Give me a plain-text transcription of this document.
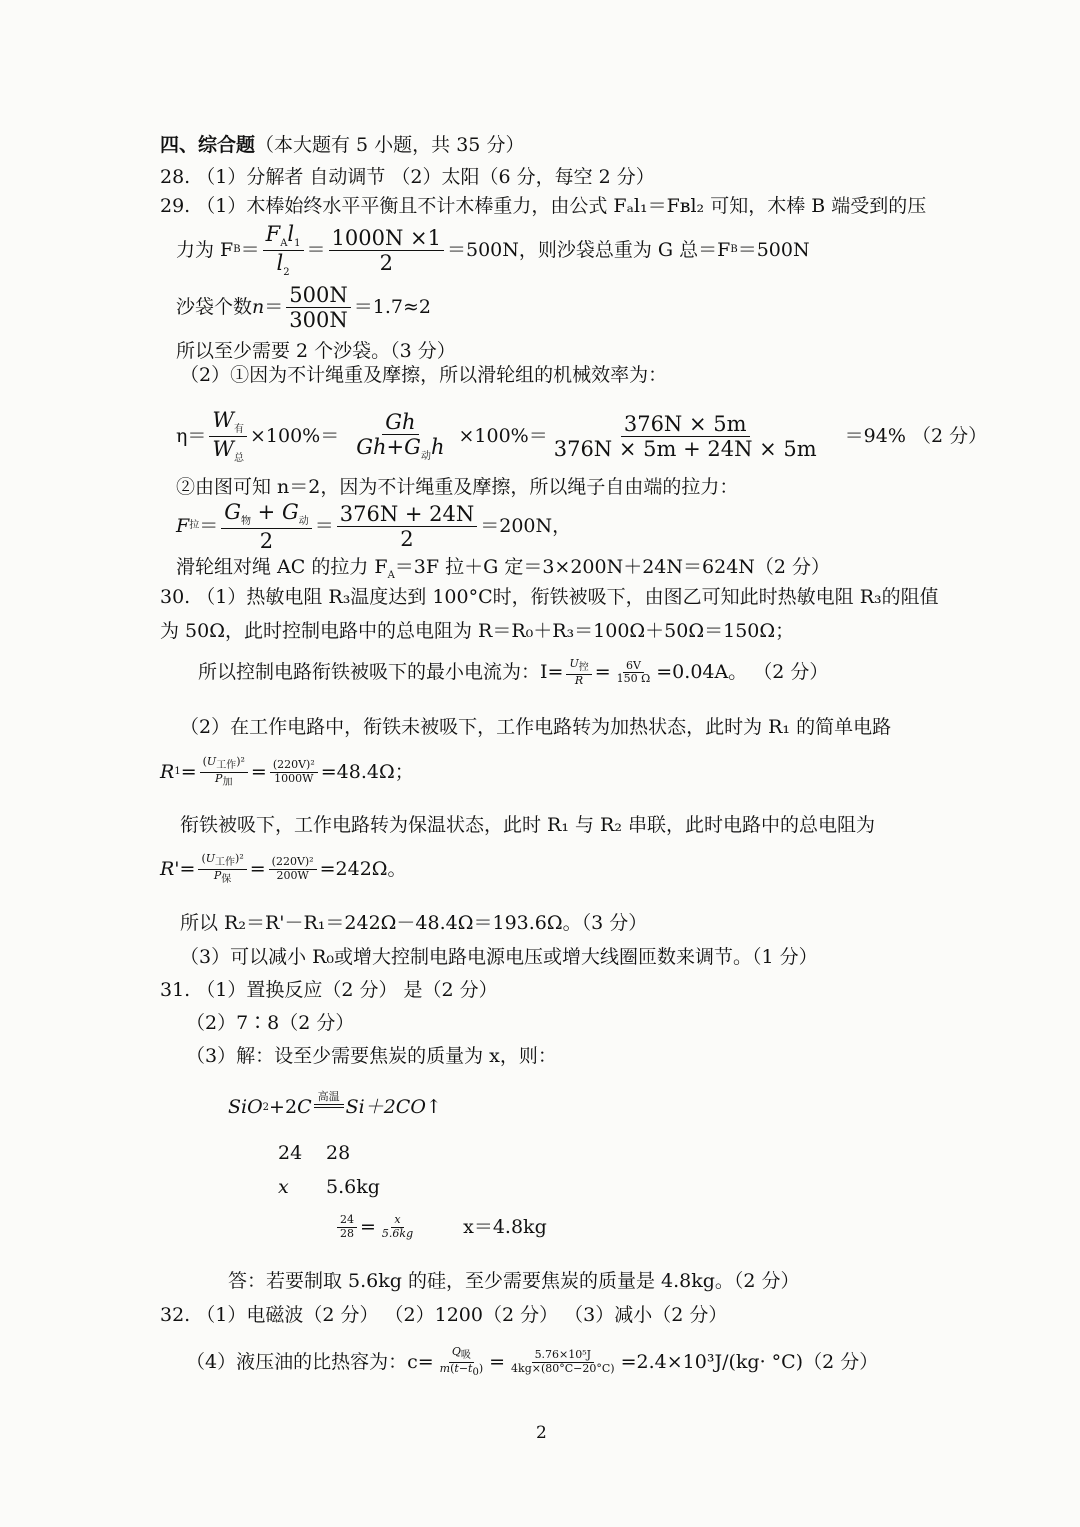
四、综合题（本大题有 5 小题，共 35 分）
28. （1）分解者 自动调节 （2）太阳（6 分，每空 2 分）
29. （1）木棒始终水平平衡且不计木棒重力，由公式 Fₐl₁＝Fʙl₂ 可知，木棒 B 端受到的压
力为 F $B = \frac{F_Al_1}{l_2} = \frac{1000N \times 1}{2} =500N$，则沙袋总重为 G 总＝F B ＝500N
沙袋个数 $n = \frac{500N}{300N} =1.7\approx 2$
所以至少需要 2 个沙袋。（3 分）
（2）①因为不计绳重及摩擦，所以滑轮组的机械效率为：
$\eta= \frac{W_有}{W_总} \times 100\%= \frac{Gh}{Gh+G_动h} \times 100\%= \frac{376N \times 5m}{376N \times 5m + 24N \times 5m} =94\%$ （2 分）
②由图可知 n＝2，因为不计绳重及摩擦，所以绳子自由端的拉力：
F 拉 ＝ $\frac{G_物 + G_动}{2} = \frac{376N + 24N}{2} =200N$，
滑轮组对绳 AC 的拉力 $F_A=3F$ 拉＋G 定＝3×200N＋24N＝624N（2 分）
30. （1）热敏电阻 R₃温度达到 100°C时，衔铁被吸下，由图乙可知此时热敏电阻 R₃的阻值
为 50Ω，此时控制电路中的总电阻为 R＝R₀＋R₃＝100Ω＋50Ω＝150Ω；
所以控制电路衔铁被吸下的最小电流为：$I= \frac{U_控}{R} = \frac{6V}{150 \Omega} =0.04A$。 （2 分）
（2）在工作电路中，衔铁未被吸下，工作电路转为加热状态，此时为 R₁ 的简单电路
R $1 = \frac{(U_{工作})^2}{P_加} = \frac{\text{(220V)²}}{1000W} =48.4\Omega$；
衔铁被吸下，工作电路转为保温状态，此时 R₁ 与 R₂ 串联，此时电路中的总电阻为
$R' = \frac{(U_{工作})^2}{P_保} = \frac{\text{(220V)²}}{200W} =242\Omega$。
所以 R₂＝R'－R₁＝242Ω－48.4Ω＝193.6Ω。（3 分）
（3）可以减小 R₀或增大控制电路电源电压或增大线圈匝数来调节。（1 分）
31. （1）置换反应（2 分） 是（2 分）
（2）7∶8（2 分）
（3）解：设至少需要焦炭的质量为 x，则：
SiO 2 +2 C 高温 Si＋2CO↑
24 28
x 5.6kg
$\frac{24}{28} = \frac{x}{5.6kg} x=4.8kg$
答：若要制取 5.6kg 的硅，至少需要焦炭的质量是 4.8kg。（2 分）
32. （1）电磁波（2 分） （2）1200（2 分） （3）减小（2 分）
（4）液压油的比热容为：$c= \frac{Q_吸}{m(t-t_0)} = \frac{\text{5.76×10⁵J}}{4kg\times(80^\circ C-20^\circ C)} =2.4\times 10^3J/(kg\cdot ^\circ C)(2$ 分）
2
